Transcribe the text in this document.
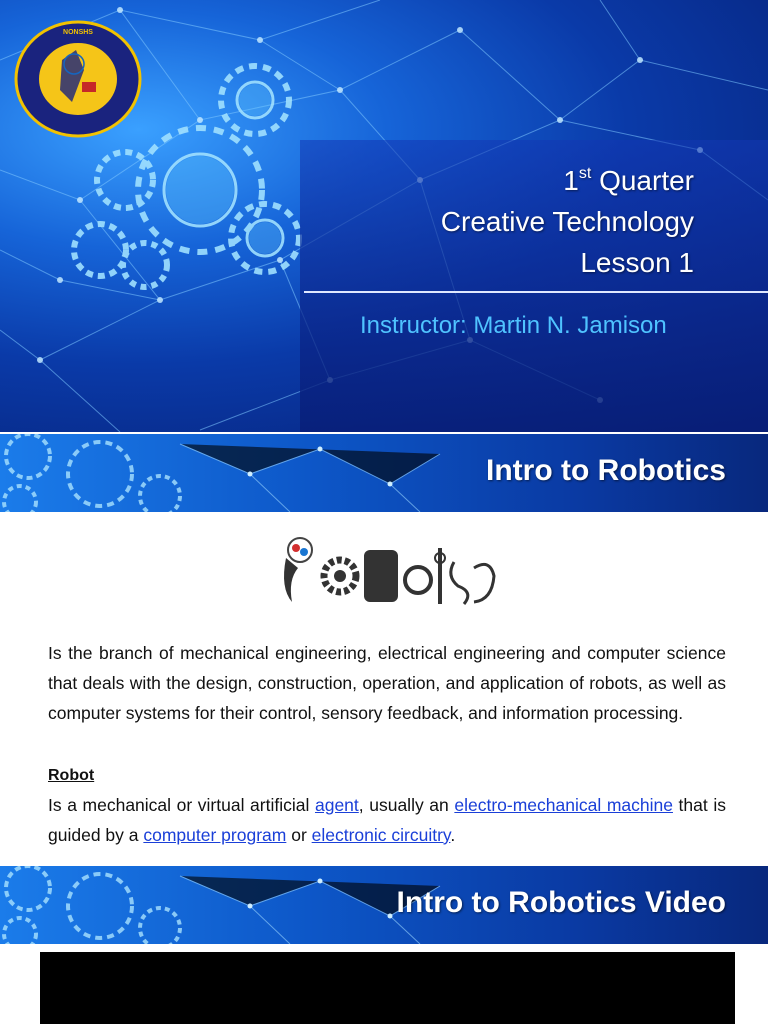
1st Quarter
Creative Technology
Lesson 1
Instructor: Martin N. Jamison
NONSHS
Intro to Robotics

Is the branch of mechanical engineering, electrical engineering and computer science that deals with the design, construction, operation, and application of robots, as well as computer systems for their control, sensory feedback, and information processing.

Robot

Is a mechanical or virtual artificial agent, usually an electro-mechanical machine that is guided by a computer program or electronic circuitry.

Intro to Robotics Video
